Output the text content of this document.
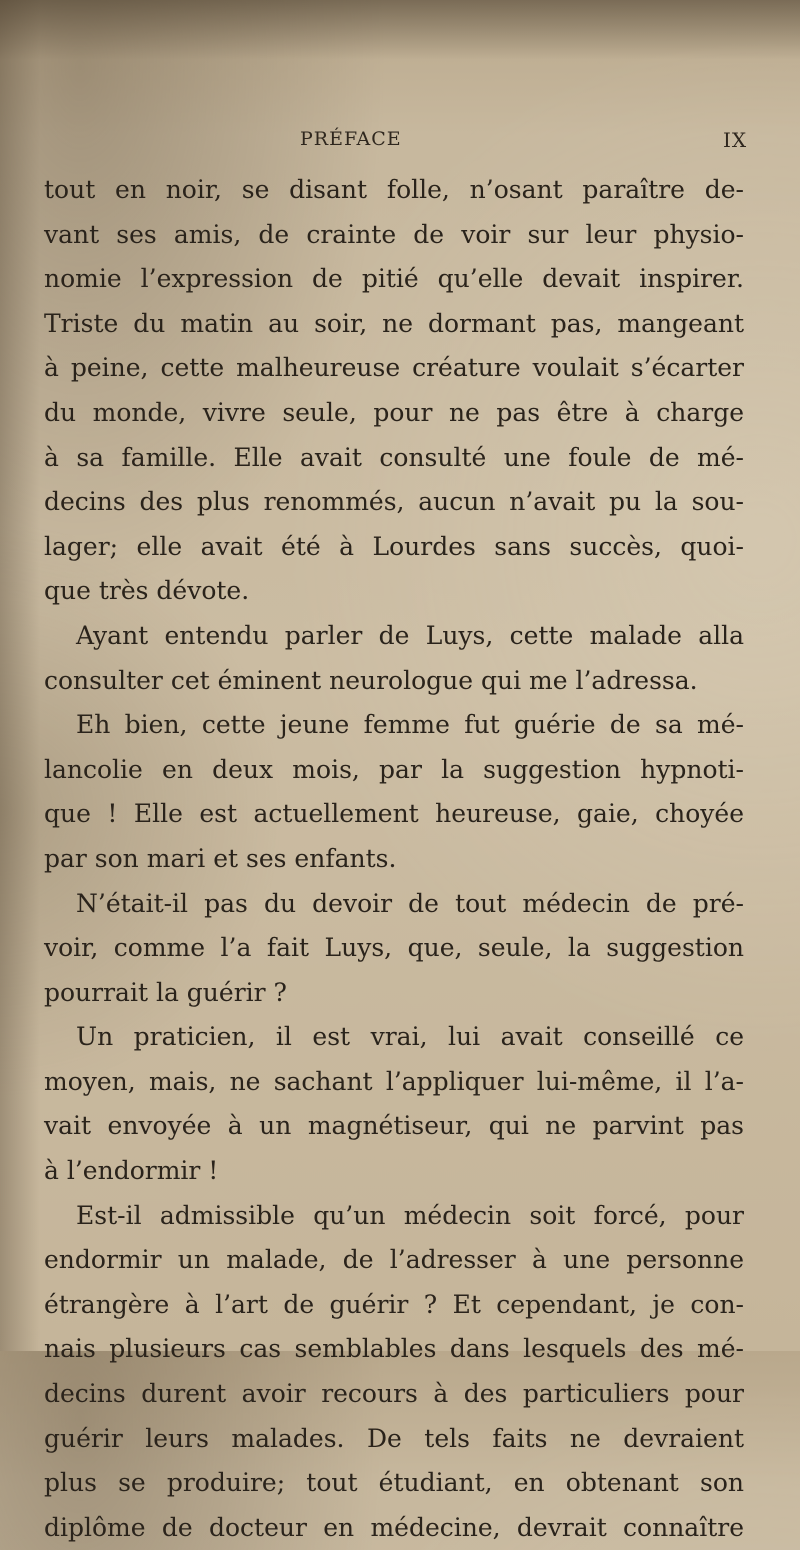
PRÉFACE	IX
tout en noir, se disant folle, n’osant paraître de-
vant ses amis, de crainte de voir sur leur physio-
nomie l’expression de pitié qu’elle devait inspirer.
Triste du matin au soir, ne dormant pas, mangeant
à peine, cette malheureuse créature voulait s’écarter
du monde, vivre seule, pour ne pas être à charge
à sa famille. Elle avait consulté une foule de mé-
decins des plus renommés, aucun n’avait pu la sou-
lager; elle avait été à Lourdes sans succès, quoi-
que très dévote.
Ayant entendu parler de Luys, cette malade alla
consulter cet éminent neurologue qui me l’adressa.
Eh bien, cette jeune femme fut guérie de sa mé-
lancolie en deux mois, par la suggestion hypnoti-
que ! Elle est actuellement heureuse, gaie, choyée
par son mari et ses enfants.
N’était-il pas du devoir de tout médecin de pré-
voir, comme l’a fait Luys, que, seule, la suggestion
pourrait la guérir ?
Un praticien, il est vrai, lui avait conseillé ce
moyen, mais, ne sachant l’appliquer lui-même, il l’a-
vait envoyée à un magnétiseur, qui ne parvint pas
à l’endormir !
Est-il admissible qu’un médecin soit forcé, pour
endormir un malade, de l’adresser à une personne
étrangère à l’art de guérir ? Et cependant, je con-
nais plusieurs cas semblables dans lesquels des mé-
decins durent avoir recours à des particuliers pour
guérir leurs malades. De tels faits ne devraient
plus se produire; tout étudiant, en obtenant son
diplôme de docteur en médecine, devrait connaître
